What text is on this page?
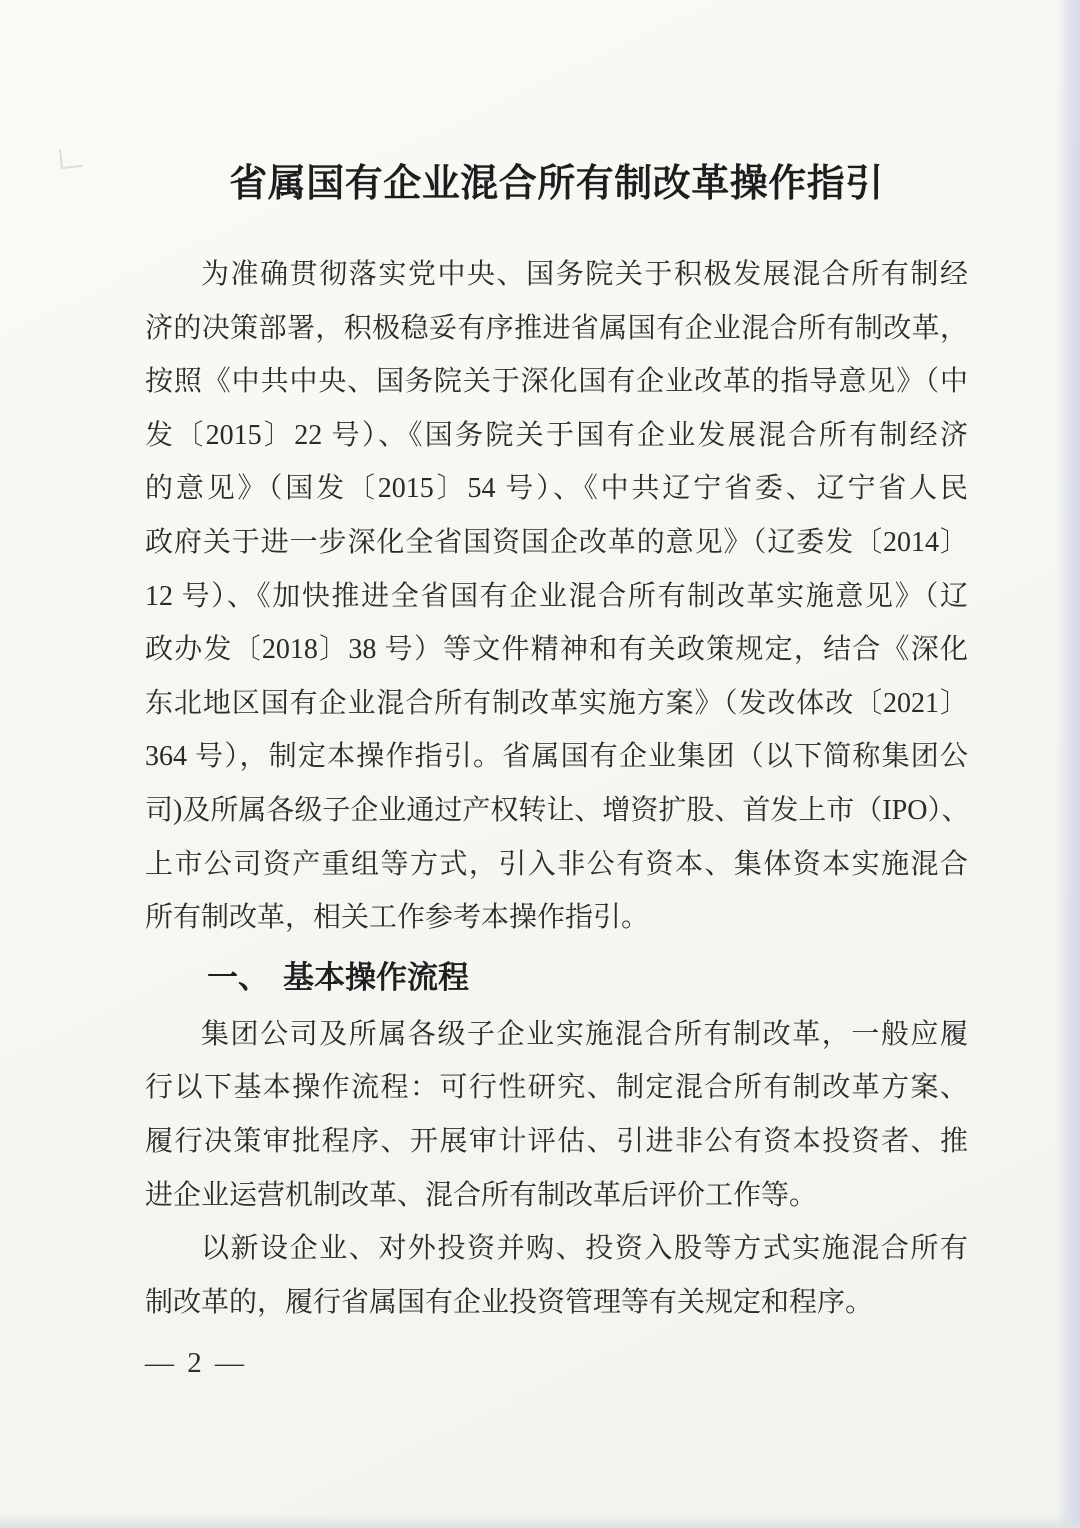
省属国有企业混合所有制改革操作指引
为准确贯彻落实党中央、国务院关于积极发展混合所有制经
济的决策部署，积极稳妥有序推进省属国有企业混合所有制改革，
按照《中共中央、国务院关于深化国有企业改革的指导意见》（中
发〔2015〕22 号）、《国务院关于国有企业发展混合所有制经济
的意见》（国发〔2015〕54 号）、《中共辽宁省委、辽宁省人民
政府关于进一步深化全省国资国企改革的意见》（辽委发〔2014〕
12 号）、《加快推进全省国有企业混合所有制改革实施意见》（辽
政办发〔2018〕38 号）等文件精神和有关政策规定，结合《深化
东北地区国有企业混合所有制改革实施方案》（发改体改〔2021〕
364 号），制定本操作指引。省属国有企业集团（以下简称集团公
司)及所属各级子企业通过产权转让、增资扩股、首发上市（IPO）、
上市公司资产重组等方式，引入非公有资本、集体资本实施混合
所有制改革，相关工作参考本操作指引。
一、 基本操作流程
集团公司及所属各级子企业实施混合所有制改革，一般应履
行以下基本操作流程：可行性研究、制定混合所有制改革方案、
履行决策审批程序、开展审计评估、引进非公有资本投资者、推
进企业运营机制改革、混合所有制改革后评价工作等。
以新设企业、对外投资并购、投资入股等方式实施混合所有
制改革的，履行省属国有企业投资管理等有关规定和程序。
— 2 —
